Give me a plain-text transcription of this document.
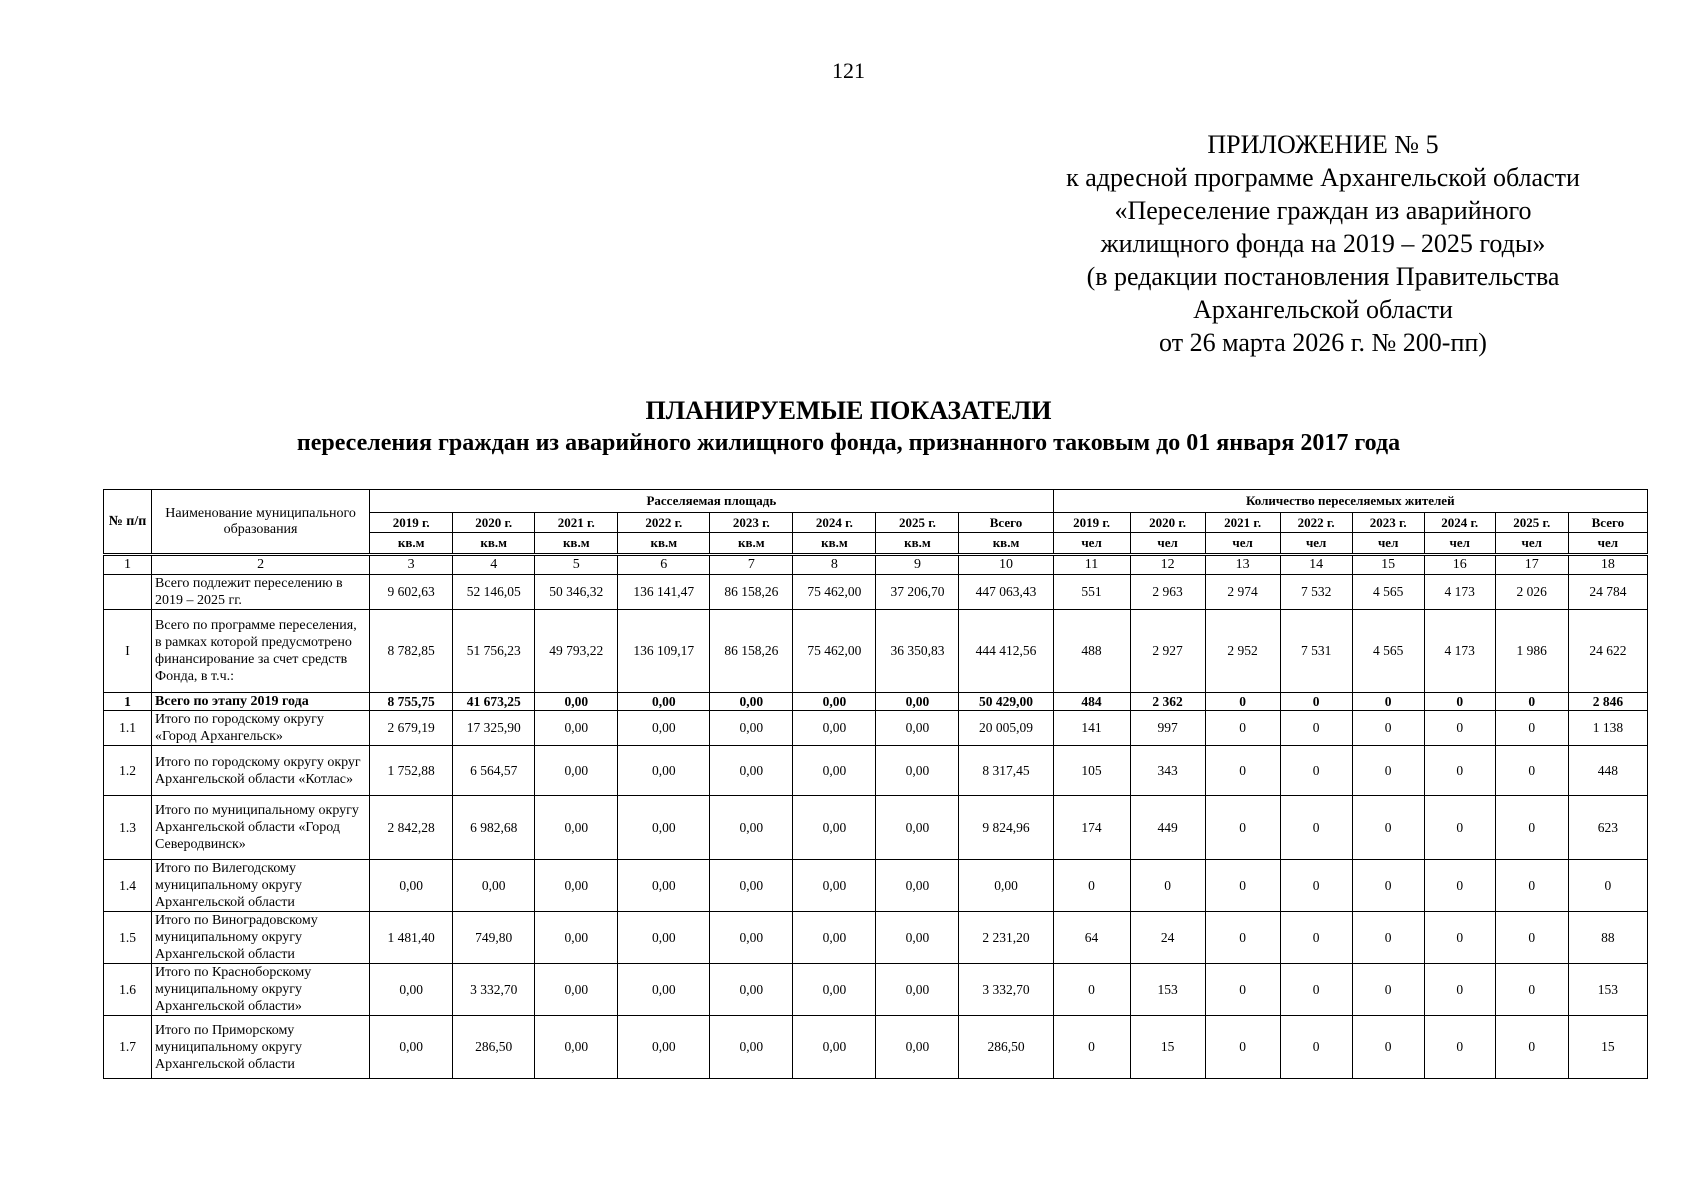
121
ПРИЛОЖЕНИЕ № 5
к адресной программе Архангельской области
«Переселение граждан из аварийного
жилищного фонда на 2019 – 2025 годы»
(в редакции постановления Правительства
Архангельской области
от 26 марта 2026 г. № 200-пп)
ПЛАНИРУЕМЫЕ ПОКАЗАТЕЛИ
переселения граждан из аварийного жилищного фонда, признанного таковым до 01 января 2017 года
№ п/п	Наименование муниципального образования	Расселяемая площадь								Количество переселяемых жителей							
		2019 г.	2020 г.	2021 г.	2022 г.	2023 г.	2024 г.	2025 г.	Всего	2019 г.	2020 г.	2021 г.	2022 г.	2023 г.	2024 г.	2025 г.	Всего
		кв.м	кв.м	кв.м	кв.м	кв.м	кв.м	кв.м	кв.м	чел	чел	чел	чел	чел	чел	чел	чел
1	2	3	4	5	6	7	8	9	10	11	12	13	14	15	16	17	18
	Всего подлежит переселению в 2019 – 2025 гг.	9 602,63	52 146,05	50 346,32	136 141,47	86 158,26	75 462,00	37 206,70	447 063,43	551	2 963	2 974	7 532	4 565	4 173	2 026	24 784
I	Всего по программе переселения, в рамках которой предусмотрено финансирование за счет средств Фонда, в т.ч.:	8 782,85	51 756,23	49 793,22	136 109,17	86 158,26	75 462,00	36 350,83	444 412,56	488	2 927	2 952	7 531	4 565	4 173	1 986	24 622
1	Всего по этапу 2019 года	8 755,75	41 673,25	0,00	0,00	0,00	0,00	0,00	50 429,00	484	2 362	0	0	0	0	0	2 846
1.1	Итого по городскому округу «Город Архангельск»	2 679,19	17 325,90	0,00	0,00	0,00	0,00	0,00	20 005,09	141	997	0	0	0	0	0	1 138
1.2	Итого по городскому округу округ Архангельской области «Котлас»	1 752,88	6 564,57	0,00	0,00	0,00	0,00	0,00	8 317,45	105	343	0	0	0	0	0	448
1.3	Итого по муниципальному округу Архангельской области «Город Северодвинск»	2 842,28	6 982,68	0,00	0,00	0,00	0,00	0,00	9 824,96	174	449	0	0	0	0	0	623
1.4	Итого по Вилегодскому муниципальному округу Архангельской области	0,00	0,00	0,00	0,00	0,00	0,00	0,00	0,00	0	0	0	0	0	0	0	0
1.5	Итого по Виноградовскому муниципальному округу Архангельской области	1 481,40	749,80	0,00	0,00	0,00	0,00	0,00	2 231,20	64	24	0	0	0	0	0	88
1.6	Итого по Красноборскому муниципальному округу Архангельской области»	0,00	3 332,70	0,00	0,00	0,00	0,00	0,00	3 332,70	0	153	0	0	0	0	0	153
1.7	Итого по Приморскому муниципальному округу Архангельской области	0,00	286,50	0,00	0,00	0,00	0,00	0,00	286,50	0	15	0	0	0	0	0	15
